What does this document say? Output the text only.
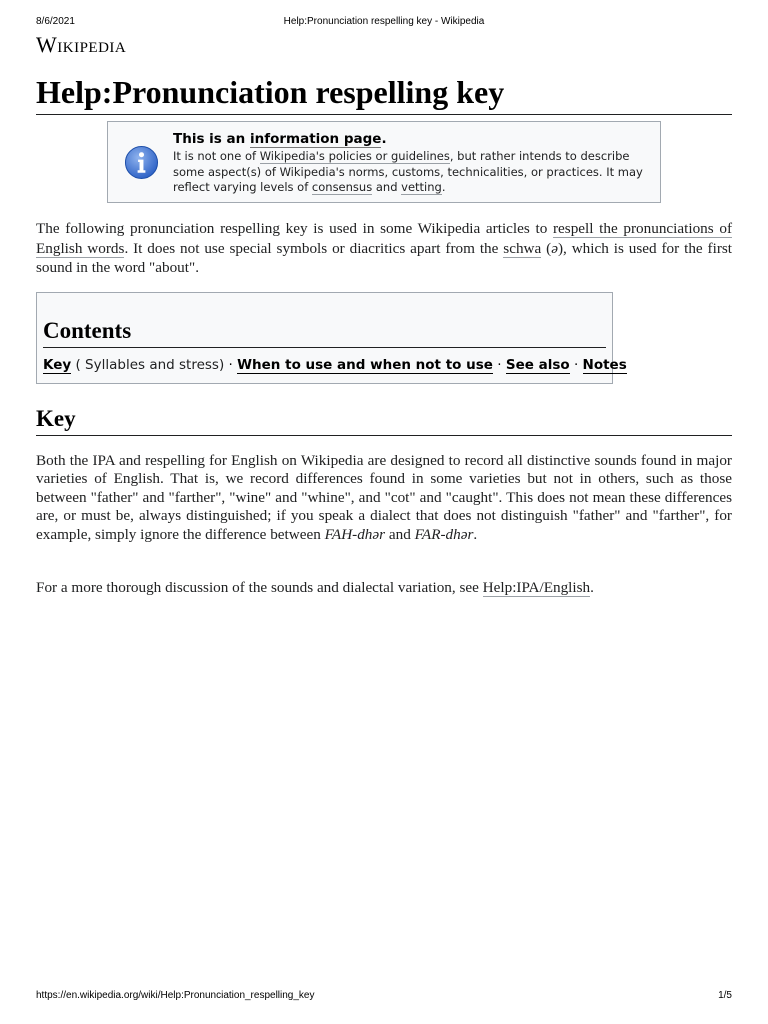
8/6/2021	Help:Pronunciation respelling key - Wikipedia
Wikipedia
Help:Pronunciation respelling key
This is an information page.
It is not one of Wikipedia's policies or guidelines, but rather intends to describe some aspect(s) of Wikipedia's norms, customs, technicalities, or practices. It may reflect varying levels of consensus and vetting.

The following pronunciation respelling key is used in some Wikipedia articles to respell the pronunciations of English words. It does not use special symbols or diacritics apart from the schwa (ə), which is used for the first sound in the word "about".

Contents
Key ( Syllables and stress) · When to use and when not to use · See also · Notes
Key

Both the IPA and respelling for English on Wikipedia are designed to record all distinctive sounds found in major varieties of English. That is, we record differences found in some varieties but not in others, such as those between "father" and "farther", "wine" and "whine", and "cot" and "caught". This does not mean these differences are, or must be, always distinguished; if you speak a dialect that does not distinguish "father" and "farther", for example, simply ignore the difference between FAH-dhər and FAR-dhər.

For a more thorough discussion of the sounds and dialectal variation, see Help:IPA/English.

https://en.wikipedia.org/wiki/Help:Pronunciation_respelling_key	1/5
